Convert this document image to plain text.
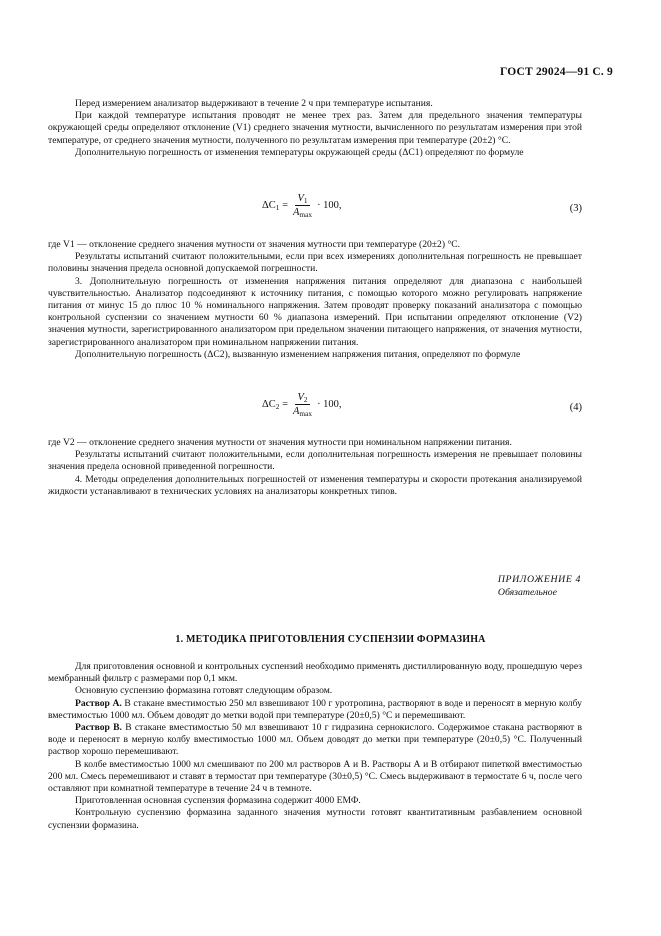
ГОСТ 29024—91 С. 9

Перед измерением анализатор выдерживают в течение 2 ч при температуре испытания.

При каждой температуре испытания проводят не менее трех раз. Затем для предельного значения температуры окружающей среды определяют отклонение (V1) среднего значения мутности, вычисленного по результатам измерения при этой температуре, от среднего значения мутности, полученного по результатам измерения при температуре (20±2) °С.

Дополнительную погрешность от изменения температуры окружающей среды (ΔС1) определяют по формуле

$\Delta C_1 = \frac{V_1}{A_{max}} \cdot 100$,	(3)

где V1 — отклонение среднего значения мутности от значения мутности при температуре (20±2) °С.

Результаты испытаний считают положительными, если при всех измерениях дополнительная погрешность не превышает половины значения предела основной допускаемой погрешности.

3. Дополнительную погрешность от изменения напряжения питания определяют для диапазона с наибольшей чувствительностью. Анализатор подсоединяют к источнику питания, с помощью которого можно регулировать напряжение питания от минус 15 до плюс 10 % номинального напряжения. Затем проводят проверку показаний анализатора с помощью контрольной суспензии со значением мутности 60 % диапазона измерений. При испытании определяют отклонение (V2) значения мутности, зарегистрированного анализатором при предельном значении питающего напряжения, от значения мутности, зарегистрированного анализатором при номинальном напряжении питания.

Дополнительную погрешность (ΔС2), вызванную изменением напряжения питания, определяют по формуле

$\Delta C_2 = \frac{V_2}{A_{max}} \cdot 100$,	(4)

где V2 — отклонение среднего значения мутности от значения мутности при номинальном напряжении питания.

Результаты испытаний считают положительными, если дополнительная погрешность измерения не превышает половины значения предела основной приведенной погрешности.

4. Методы определения дополнительных погрешностей от изменения температуры и скорости протекания анализируемой жидкости устанавливают в технических условиях на анализаторы конкретных типов.

ПРИЛОЖЕНИЕ 4
Обязательное
1. МЕТОДИКА ПРИГОТОВЛЕНИЯ СУСПЕНЗИИ ФОРМАЗИНА

Для приготовления основной и контрольных суспензий необходимо применять дистиллированную воду, прошедшую через мембранный фильтр с размерами пор 0,1 мкм.

Основную суспензию формазина готовят следующим образом.

Раствор А. В стакане вместимостью 250 мл взвешивают 100 г уротропина, растворяют в воде и переносят в мерную колбу вместимостью 1000 мл. Объем доводят до метки водой при температуре (20±0,5) °С и перемешивают.

Раствор В. В стакане вместимостью 50 мл взвешивают 10 г гидразина сернокислого. Содержимое стакана растворяют в воде и переносят в мерную колбу вместимостью 1000 мл. Объем доводят до метки при температуре (20±0,5) °С. Полученный раствор хорошо перемешивают.

В колбе вместимостью 1000 мл смешивают по 200 мл растворов А и В. Растворы А и В отбирают пипеткой вместимостью 200 мл. Смесь перемешивают и ставят в термостат при температуре (30±0,5) °С. Смесь выдерживают в термостате 6 ч, после чего оставляют при комнатной температуре в течение 24 ч в темноте.

Приготовленная основная суспензия формазина содержит 4000 ЕМФ.

Контрольную суспензию формазина заданного значения мутности готовят квантитативным разбавлением основной суспензии формазина.
